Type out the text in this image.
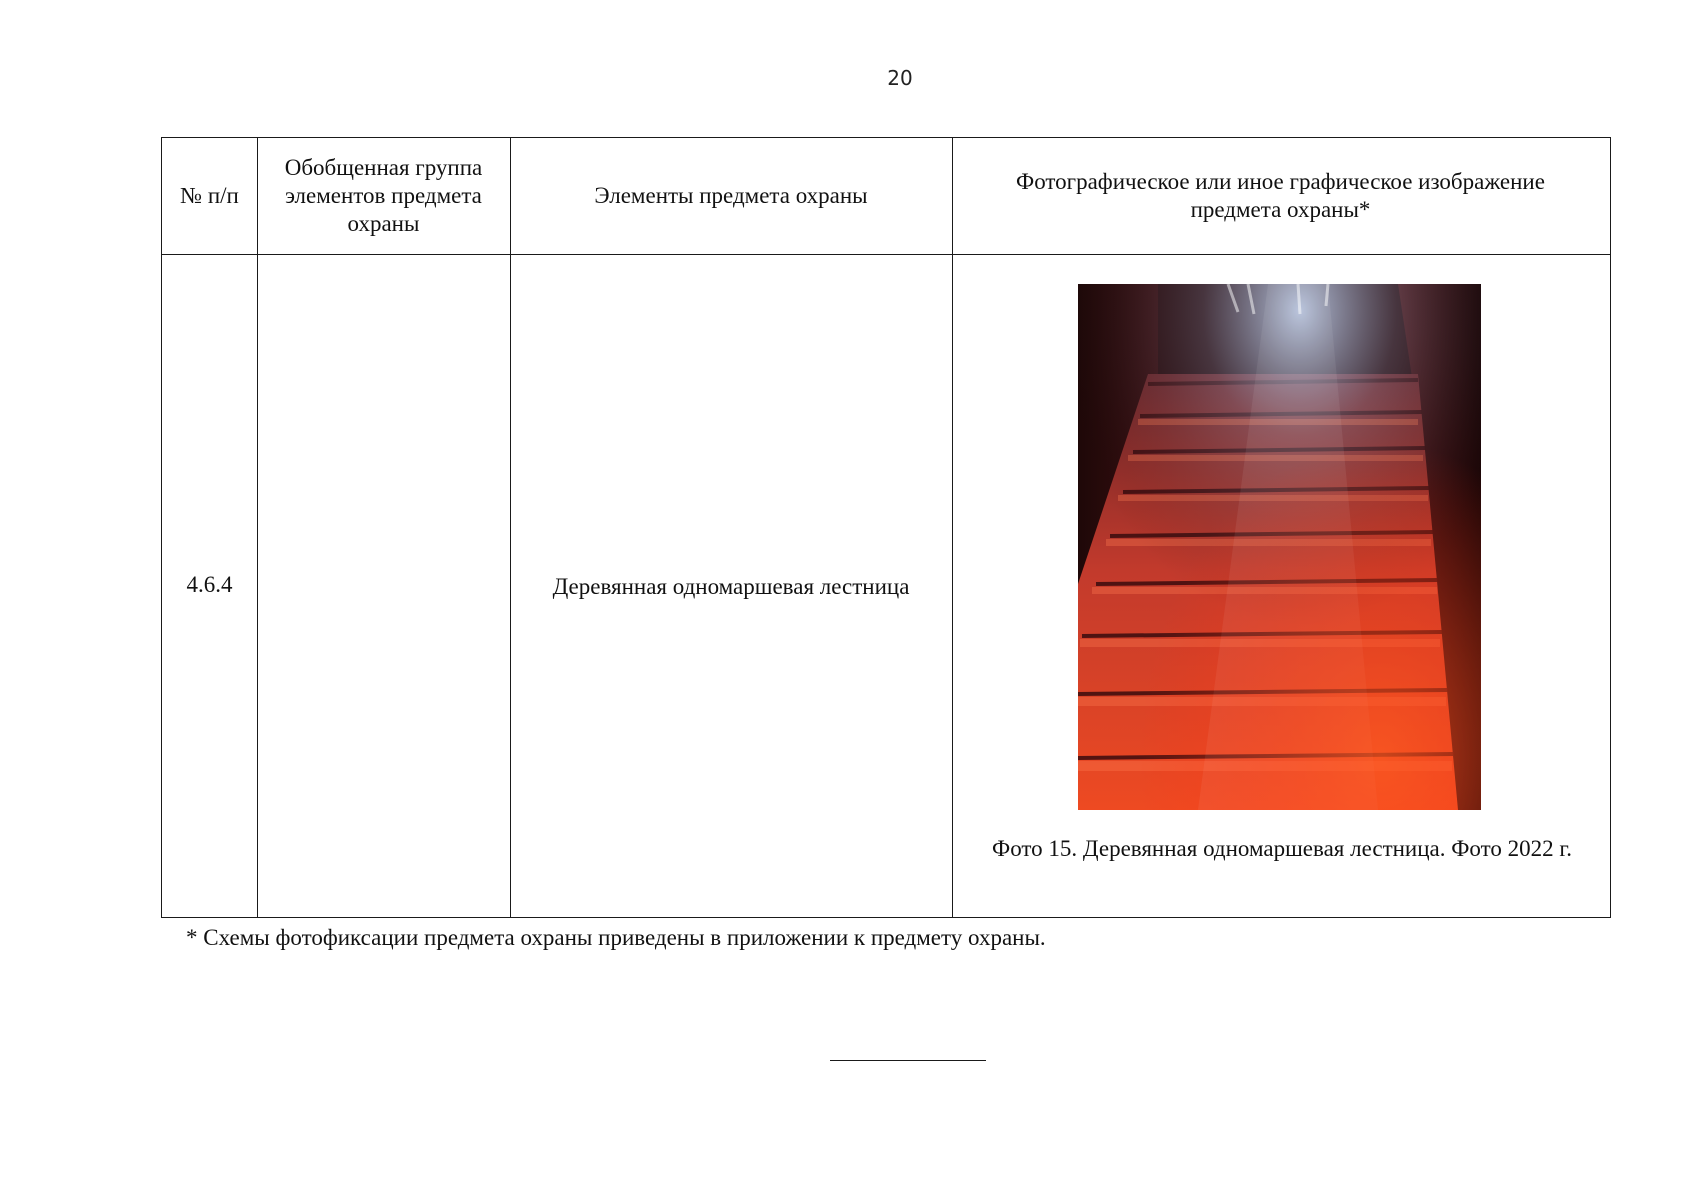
20
№ п/п
Обобщенная группа элементов предмета охраны
Элементы предмета охраны
Фотографическое или иное графическое изображение предмета охраны*
4.6.4	Деревянная одномаршевая лестница
Фото 15. Деревянная одномаршевая лестница. Фото 2022 г.
* Схемы фотофиксации предмета охраны приведены в приложении к предмету охраны.
